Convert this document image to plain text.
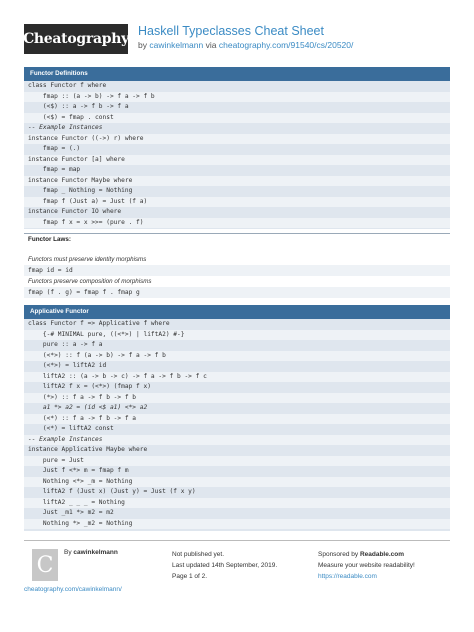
Cheatography Haskell Typeclasses Cheat Sheet
by cawinkelmann via cheatography.com/91540/cs/20520/
Functor Definitions
class Functor f where
fmap :: (a -> b) -> f a -> f b
(<$) :: a -> f b -> f a
(<$) = fmap . const
-- Example Instances
instance Functor ((->) r) where
fmap = (.)
instance Functor [a] where
fmap = map
instance Functor Maybe where
fmap _ Nothing = Nothing
fmap f (Just a) = Just (f a)
instance Functor IO where
fmap f x = x >>= (pure . f)
Functor Laws:
Functors must preserve identity morphisms
fmap id = id
Functors preserve composition of morphisms
fmap (f . g) = fmap f . fmap g
Applicative Functor
class Functor f => Applicative f where
{-# MINIMAL pure, ((<*>) | liftA2) #-}
pure :: a -> f a
(<*>) :: f (a -> b) -> f a -> f b
(<*>) = liftA2 id
liftA2 :: (a -> b -> c) -> f a -> f b -> f c
liftA2 f x = (<*>) (fmap f x)
(*>) :: f a -> f b -> f b
a1 *> a2 = (id <$ a1) <*> a2
(<*) :: f a -> f b -> f a
(<*) = liftA2 const
-- Example Instances
instance Applicative Maybe where
pure = Just
Just f <*> m = fmap f m
Nothing <*> _m = Nothing
liftA2 f (Just x) (Just y) = Just (f x y)
liftA2 _ _ _ = Nothing
Just _m1 *> m2 = m2
Nothing *> _m2 = Nothing
C	By cawinkelmann
cheatography.com/cawinkelmann/
Not published yet.
Last updated 14th September, 2019.
Page 1 of 2.
Sponsored by Readable.com
Measure your website readability!
https://readable.com
